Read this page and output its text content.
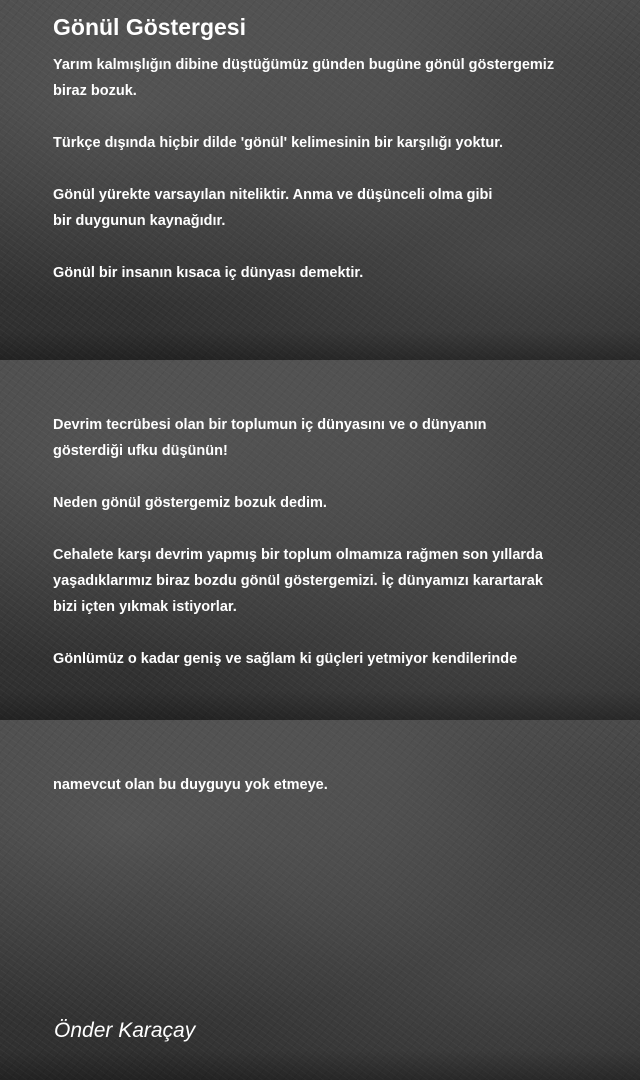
Gönül Göstergesi

Yarım kalmışlığın dibine düştüğümüz günden bugüne gönül göstergemiz
biraz bozuk.

Türkçe dışında hiçbir dilde 'gönül' kelimesinin bir karşılığı yoktur.

Gönül yürekte varsayılan niteliktir. Anma ve düşünceli olma gibi
bir duygunun kaynağıdır.

Gönül bir insanın kısaca iç dünyası demektir.

Devrim tecrübesi olan bir toplumun iç dünyasını ve o dünyanın
gösterdiği ufku düşünün!

Neden gönül göstergemiz bozuk dedim.

Cehalete karşı devrim yapmış bir toplum olmamıza rağmen son yıllarda
yaşadıklarımız biraz bozdu gönül göstergemizi. İç dünyamızı karartarak
bizi içten yıkmak istiyorlar.

Gönlümüz o kadar geniş ve sağlam ki güçleri yetmiyor kendilerinde

namevcut olan bu duyguyu yok etmeye.

Önder Karaçay
